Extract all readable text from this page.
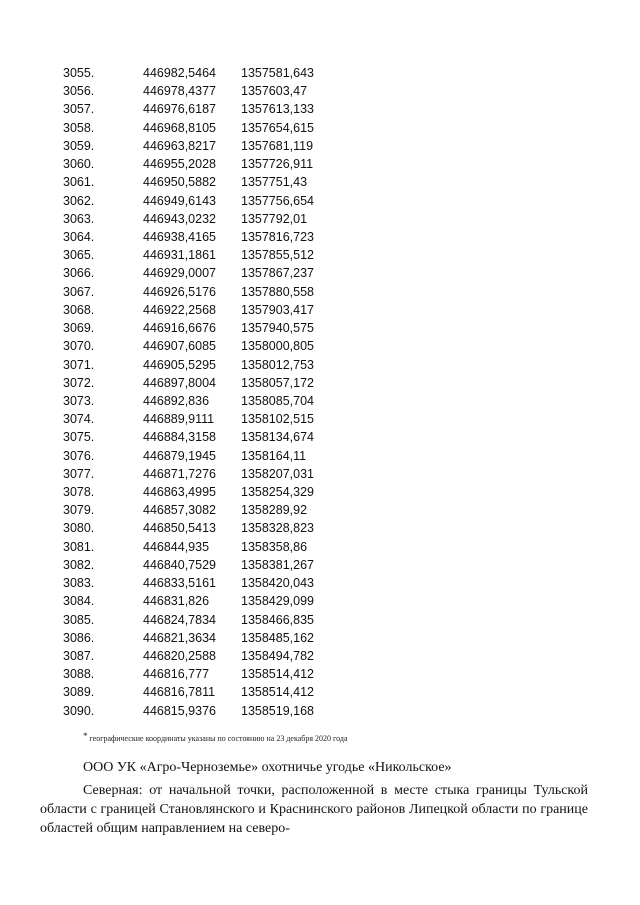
3055.	446982,5464	1357581,643
3056.	446978,4377	1357603,47
3057.	446976,6187	1357613,133
3058.	446968,8105	1357654,615
3059.	446963,8217	1357681,119
3060.	446955,2028	1357726,911
3061.	446950,5882	1357751,43
3062.	446949,6143	1357756,654
3063.	446943,0232	1357792,01
3064.	446938,4165	1357816,723
3065.	446931,1861	1357855,512
3066.	446929,0007	1357867,237
3067.	446926,5176	1357880,558
3068.	446922,2568	1357903,417
3069.	446916,6676	1357940,575
3070.	446907,6085	1358000,805
3071.	446905,5295	1358012,753
3072.	446897,8004	1358057,172
3073.	446892,836	1358085,704
3074.	446889,9111	1358102,515
3075.	446884,3158	1358134,674
3076.	446879,1945	1358164,11
3077.	446871,7276	1358207,031
3078.	446863,4995	1358254,329
3079.	446857,3082	1358289,92
3080.	446850,5413	1358328,823
3081.	446844,935	1358358,86
3082.	446840,7529	1358381,267
3083.	446833,5161	1358420,043
3084.	446831,826	1358429,099
3085.	446824,7834	1358466,835
3086.	446821,3634	1358485,162
3087.	446820,2588	1358494,782
3088.	446816,777	1358514,412
3089.	446816,7811	1358514,412
3090.	446815,9376	1358519,168
* географические координаты указаны по состоянию на 23 декабря 2020 года
ООО УК «Агро-Черноземье» охотничье угодье «Никольское»

Северная: от начальной точки, расположенной в месте стыка границы Тульской области с границей Становлянского и Краснинского районов Липецкой области по границе областей общим направлением на северо-
